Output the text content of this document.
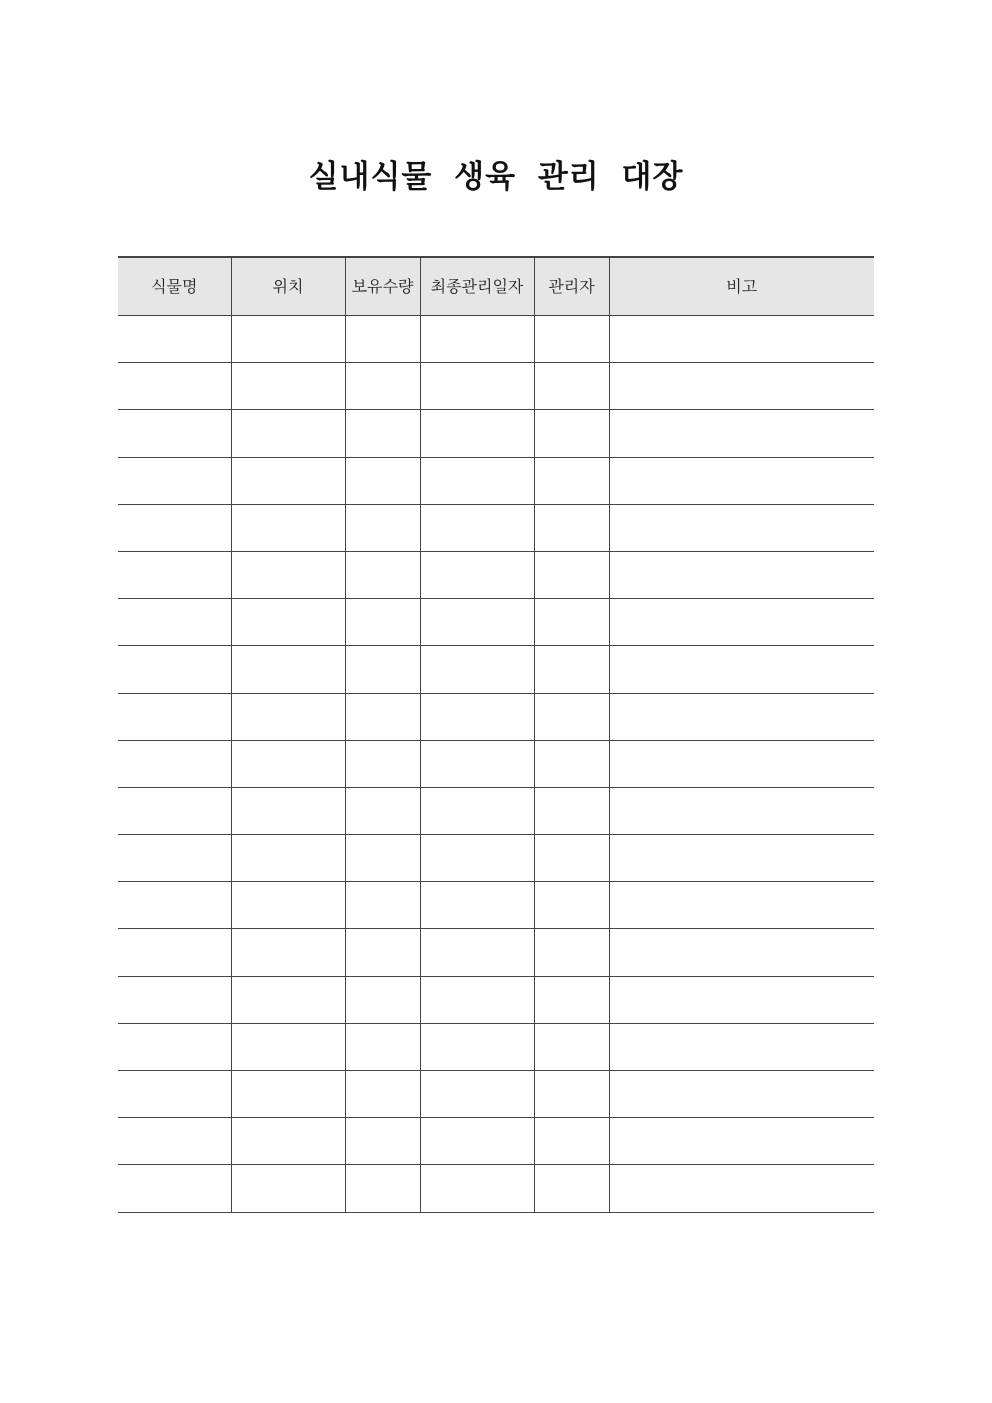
실내식물 생육 관리 대장
식물명	위치	보유수량	최종관리일자	관리자	비고
